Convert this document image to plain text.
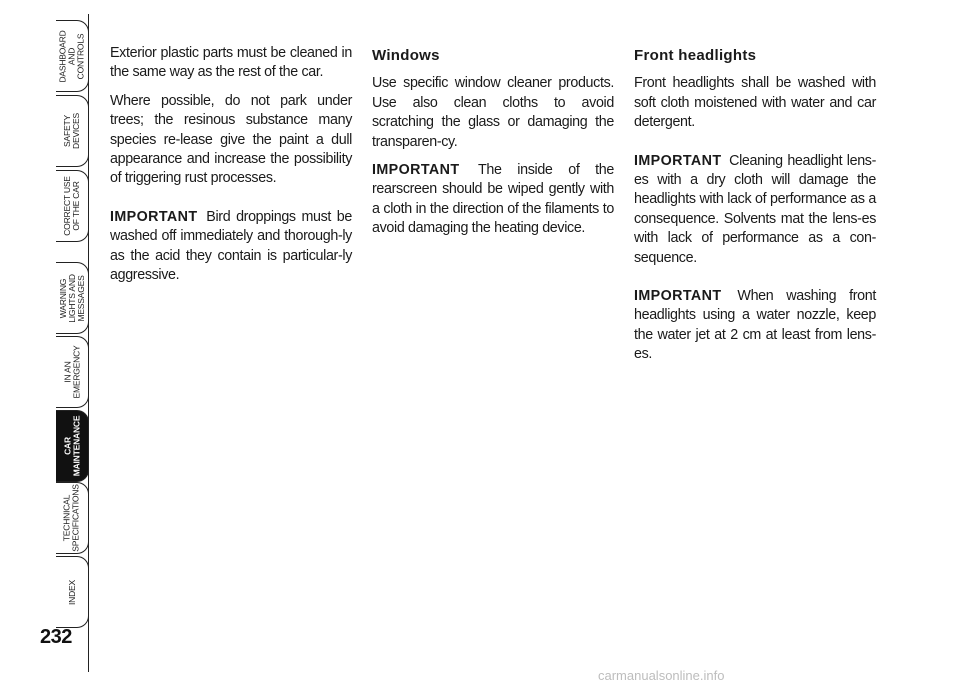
DASHBOARD
AND
CONTROLS
SAFETY
DEVICES
CORRECT USE
OF THE CAR
WARNING
LIGHTS AND
MESSAGES
IN AN
EMERGENCY
CAR
MAINTENANCE
TECHNICAL
SPECIFICATIONS
INDEX
232

Exterior plastic parts must be cleaned in the same way as the rest of the car.

Where possible, do not park under trees; the resinous substance many species re-lease give the paint a dull appearance and increase the possibility of triggering rust processes.

IMPORTANT Bird droppings must be washed off immediately and thorough-ly as the acid they contain is particular-ly aggressive.

Windows

Use specific window cleaner products. Use also clean cloths to avoid scratching the glass or damaging the transparen-cy.

IMPORTANT The inside of the rearscreen should be wiped gently with a cloth in the direction of the filaments to avoid damaging the heating device.

Front headlights

Front headlights shall be washed with soft cloth moistened with water and car detergent.

IMPORTANT Cleaning headlight lens-es with a dry cloth will damage the headlights with lack of performance as a consequence. Solvents mat the lens-es with lack of performance as a con-sequence.

IMPORTANT When washing front headlights using a water nozzle, keep the water jet at 2 cm at least from lens-es.

carmanualsonline.info
